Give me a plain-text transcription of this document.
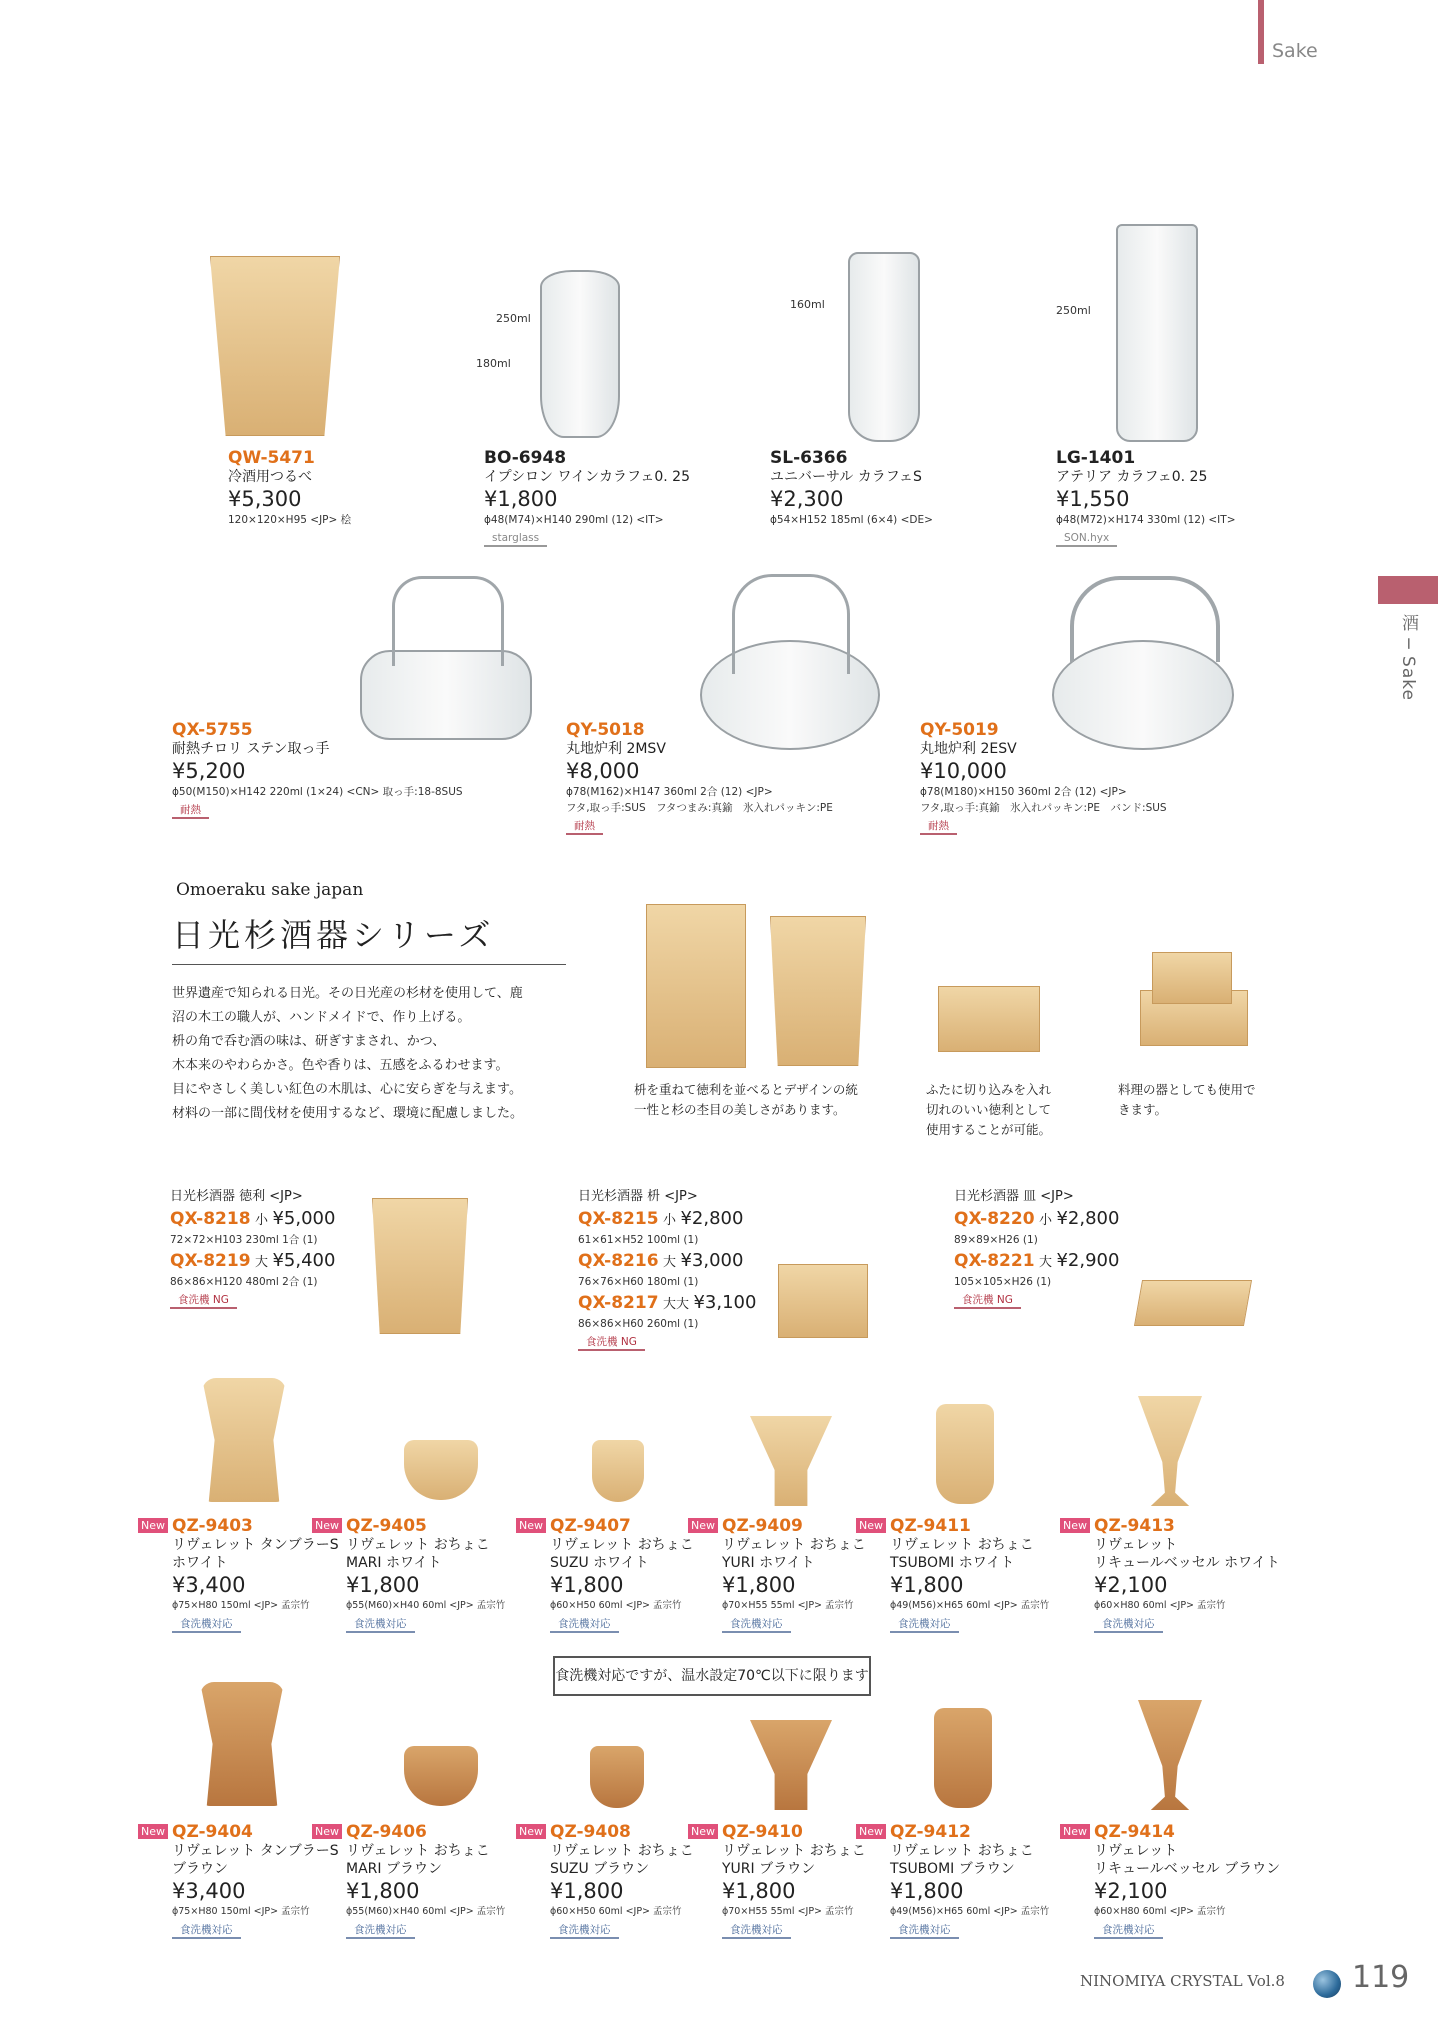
Sake
酒 ─ Sake
250ml
180ml
160ml	250ml
QW-5471
冷酒用つるべ
¥5,300
120×120×H95 <JP> 桧
BO-6948
イプシロン ワインカラフェ0. 25
¥1,800
ɸ48(M74)×H140 290ml (12) <IT>
starglass
SL-6366
ユニバーサル カラフェS
¥2,300
ɸ54×H152 185ml (6×4) <DE>
LG-1401
アテリア カラフェ0. 25
¥1,550
ɸ48(M72)×H174 330ml (12) <IT>
SON.hyx
QX-5755
耐熱チロリ ステン取っ手
¥5,200
ɸ50(M150)×H142 220ml (1×24) <CN> 取っ手:18-8SUS
耐熱
QY-5018
丸地炉利 2MSV
¥8,000
ɸ78(M162)×H147 360ml 2合 (12) <JP>
フタ,取っ手:SUS　フタつまみ:真鍮　氷入れパッキン:PE
耐熱
QY-5019
丸地炉利 2ESV
¥10,000
ɸ78(M180)×H150 360ml 2合 (12) <JP>
フタ,取っ手:真鍮　氷入れパッキン:PE　バンド:SUS
耐熱
Omoeraku sake japan
日光杉酒器シリーズ
世界遺産で知られる日光。その日光産の杉材を使用して、鹿
沼の木工の職人が、ハンドメイドで、作り上げる。
枡の角で呑む酒の味は、研ぎすまされ、かつ、
木本来のやわらかさ。色や香りは、五感をふるわせます。
目にやさしく美しい紅色の木肌は、心に安らぎを与えます。
材料の一部に間伐材を使用するなど、環境に配慮しました。
枡を重ねて徳利を並べるとデザインの統
一性と杉の杢目の美しさがあります。
ふたに切り込みを入れ
切れのいい徳利として
使用することが可能。
料理の器としても使用で
きます。
日光杉酒器 徳利 <JP>
QX-8218 小 ¥5,000
72×72×H103 230ml 1合 (1)
QX-8219 大 ¥5,400
86×86×H120 480ml 2合 (1)
食洗機 NG
日光杉酒器 枡 <JP>
QX-8215 小 ¥2,800
61×61×H52 100ml (1)
QX-8216 大 ¥3,000
76×76×H60 180ml (1)
QX-8217 大大 ¥3,100
86×86×H60 260ml (1)
食洗機 NG
日光杉酒器 皿 <JP>
QX-8220 小 ¥2,800
89×89×H26 (1)
QX-8221 大 ¥2,900
105×105×H26 (1)
食洗機 NG
New QZ-9403
リヴェレット タンブラーS
ホワイト
¥3,400
ɸ75×H80 150ml <JP> 孟宗竹
食洗機対応
New QZ-9405
リヴェレット おちょこ
MARI ホワイト
¥1,800
ɸ55(M60)×H40 60ml <JP> 孟宗竹
食洗機対応
New QZ-9407
リヴェレット おちょこ
SUZU ホワイト
¥1,800
ɸ60×H50 60ml <JP> 孟宗竹
食洗機対応
New QZ-9409
リヴェレット おちょこ
YURI ホワイト
¥1,800
ɸ70×H55 55ml <JP> 孟宗竹
食洗機対応
New QZ-9411
リヴェレット おちょこ
TSUBOMI ホワイト
¥1,800
ɸ49(M56)×H65 60ml <JP> 孟宗竹
食洗機対応
New QZ-9413
リヴェレット
リキュールベッセル ホワイト
¥2,100
ɸ60×H80 60ml <JP> 孟宗竹
食洗機対応
食洗機対応ですが、温水設定70℃以下に限ります
New QZ-9404
リヴェレット タンブラーS
ブラウン
¥3,400
ɸ75×H80 150ml <JP> 孟宗竹
食洗機対応
New QZ-9406
リヴェレット おちょこ
MARI ブラウン
¥1,800
ɸ55(M60)×H40 60ml <JP> 孟宗竹
食洗機対応
New QZ-9408
リヴェレット おちょこ
SUZU ブラウン
¥1,800
ɸ60×H50 60ml <JP> 孟宗竹
食洗機対応
New QZ-9410
リヴェレット おちょこ
YURI ブラウン
¥1,800
ɸ70×H55 55ml <JP> 孟宗竹
食洗機対応
New QZ-9412
リヴェレット おちょこ
TSUBOMI ブラウン
¥1,800
ɸ49(M56)×H65 60ml <JP> 孟宗竹
食洗機対応
New QZ-9414
リヴェレット
リキュールベッセル ブラウン
¥2,100
ɸ60×H80 60ml <JP> 孟宗竹
食洗機対応
NINOMIYA CRYSTAL Vol.8 119
